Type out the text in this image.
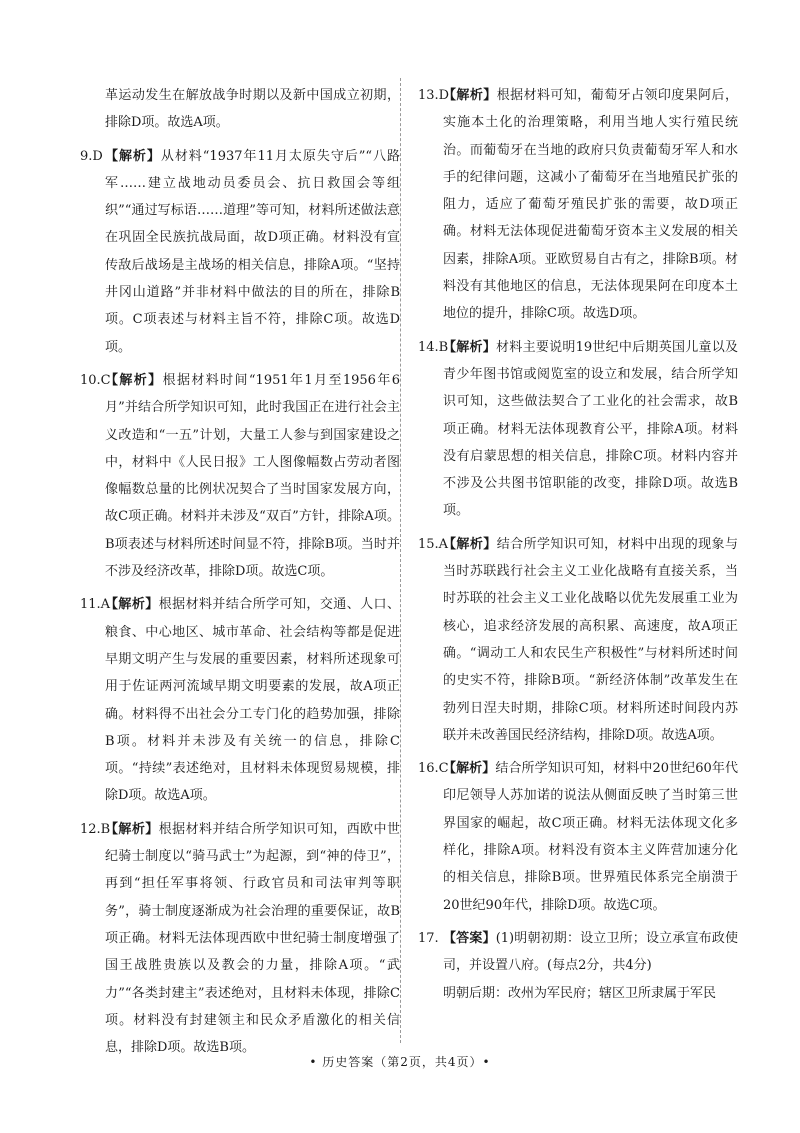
革运动发生在解放战争时期以及新中国成立初期，排除D项。故选A项。
9.D 【解析】从材料“1937年11月太原失守后”“八路军……建立战地动员委员会、抗日救国会等组织”“通过写标语……道理”等可知，材料所述做法意在巩固全民族抗战局面，故D项正确。材料没有宣传敌后战场是主战场的相关信息，排除A项。“坚持井冈山道路”并非材料中做法的目的所在，排除B项。C项表述与材料主旨不符，排除C项。故选D项。
10.C
【解析】根据材料时间“1951年1月至1956年6月”并结合所学知识可知，此时我国正在进行社会主义改造和“一五”计划，大量工人参与到国家建设之中，材料中《人民日报》工人图像幅数占劳动者图像幅数总量的比例状况契合了当时国家发展方向，故C项正确。材料并未涉及“双百”方针，排除A项。B项表述与材料所述时间显不符，排除B项。当时并不涉及经济改革，排除D项。故选C项。
11.A
【解析】根据材料并结合所学可知，交通、人口、粮食、中心地区、城市革命、社会结构等都是促进早期文明产生与发展的重要因素，材料所述现象可用于佐证两河流域早期文明要素的发展，故A项正确。材料得不出社会分工专门化的趋势加强，排除B项。材料并未涉及有关统一的信息，排除C项。“持续”表述绝对，且材料未体现贸易规模，排除D项。故选A项。
12.B
【解析】根据材料并结合所学知识可知，西欧中世纪骑士制度以“骑马武士”为起源，到“神的侍卫”，再到“担任军事将领、行政官员和司法审判等职务”，骑士制度逐渐成为社会治理的重要保证，故B项正确。材料无法体现西欧中世纪骑士制度增强了国王战胜贵族以及教会的力量，排除A项。“武力”“各类封建主”表述绝对，且材料未体现，排除C项。材料没有封建领主和民众矛盾激化的相关信息，排除D项。故选B项。
13.D
【解析】根据材料可知，葡萄牙占领印度果阿后，实施本土化的治理策略，利用当地人实行殖民统治。而葡萄牙在当地的政府只负责葡萄牙军人和水手的纪律问题，这减小了葡萄牙在当地殖民扩张的阻力，适应了葡萄牙殖民扩张的需要，故D项正确。材料无法体现促进葡萄牙资本主义发展的相关因素，排除A项。亚欧贸易自古有之，排除B项。材料没有其他地区的信息，无法体现果阿在印度本土地位的提升，排除C项。故选D项。
14.B
【解析】材料主要说明19世纪中后期英国儿童以及青少年图书馆或阅览室的设立和发展，结合所学知识可知，这些做法契合了工业化的社会需求，故B项正确。材料无法体现教育公平，排除A项。材料没有启蒙思想的相关信息，排除C项。材料内容并不涉及公共图书馆职能的改变，排除D项。故选B项。
15.A
【解析】结合所学知识可知，材料中出现的现象与当时苏联践行社会主义工业化战略有直接关系，当时苏联的社会主义工业化战略以优先发展重工业为核心，追求经济发展的高积累、高速度，故A项正确。“调动工人和农民生产积极性”与材料所述时间的史实不符，排除B项。“新经济体制”改革发生在勃列日涅夫时期，排除C项。材料所述时间段内苏联并未改善国民经济结构，排除D项。故选A项。
16.C
【解析】结合所学知识可知，材料中20世纪60年代印尼领导人苏加诺的说法从侧面反映了当时第三世界国家的崛起，故C项正确。材料无法体现文化多样化，排除A项。材料没有资本主义阵营加速分化的相关信息，排除B项。世界殖民体系完全崩溃于20世纪90年代，排除D项。故选C项。
17. 【答案】(1)明朝初期：设立卫所；设立承宣布政使司，并设置八府。(每点2分，共4分)
明朝后期：改州为军民府；辖区卫所隶属于军民
• 历史答案（第2页，共4页）•
